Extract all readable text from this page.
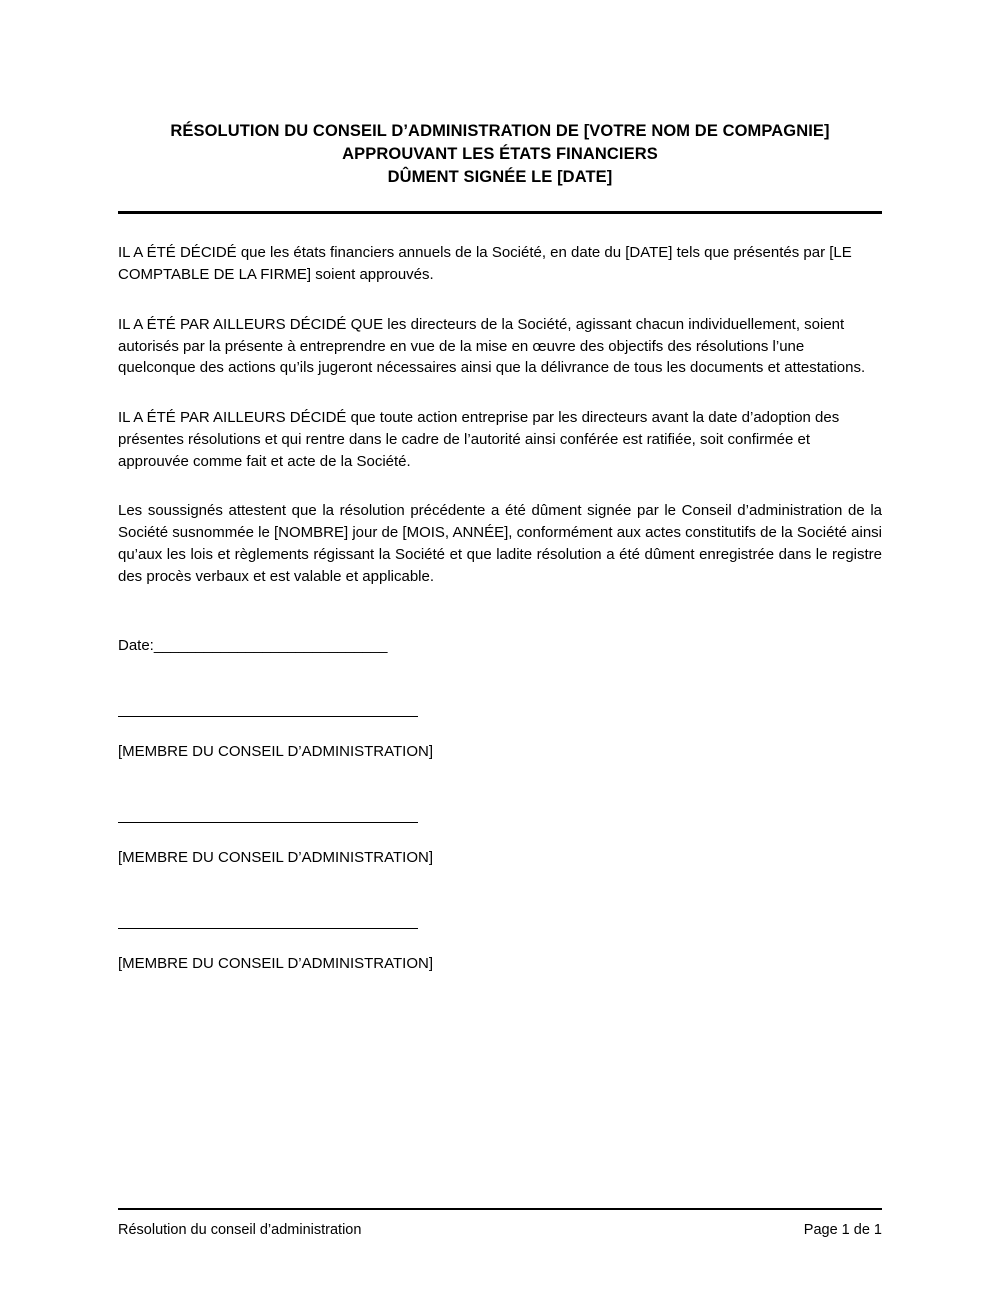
RÉSOLUTION DU CONSEIL D’ADMINISTRATION DE [VOTRE NOM DE COMPAGNIE]
APPROUVANT LES ÉTATS FINANCIERS
DÛMENT SIGNÉE LE [DATE]
IL A ÉTÉ DÉCIDÉ que les états financiers annuels de la Société, en date du [DATE] tels que présentés par [LE COMPTABLE DE LA FIRME] soient approuvés.
IL A ÉTÉ PAR AILLEURS DÉCIDÉ QUE les directeurs de la Société, agissant chacun individuellement, soient autorisés par la présente à entreprendre en vue de la mise en œuvre des objectifs des résolutions l’une quelconque des actions qu’ils jugeront nécessaires ainsi que la délivrance de tous les documents et attestations.
IL A ÉTÉ PAR AILLEURS DÉCIDÉ que toute action entreprise par les directeurs avant la date d’adoption des présentes résolutions et qui rentre dans le cadre de l’autorité ainsi conférée est ratifiée, soit confirmée et approuvée comme fait et acte de la Société.
Les soussignés attestent que la résolution précédente a été dûment signée par le Conseil d’administration de la Société susnommée le [NOMBRE] jour de [MOIS, ANNÉE], conformément aux actes constitutifs de la Société ainsi qu’aux les lois et règlements régissant la Société et que ladite résolution a été dûment enregistrée dans le registre des procès verbaux et est valable et applicable.
Date:____________________________
[MEMBRE DU CONSEIL D’ADMINISTRATION]
[MEMBRE DU CONSEIL D’ADMINISTRATION]
[MEMBRE DU CONSEIL D’ADMINISTRATION]
Résolution du conseil d’administration	Page 1 de 1
